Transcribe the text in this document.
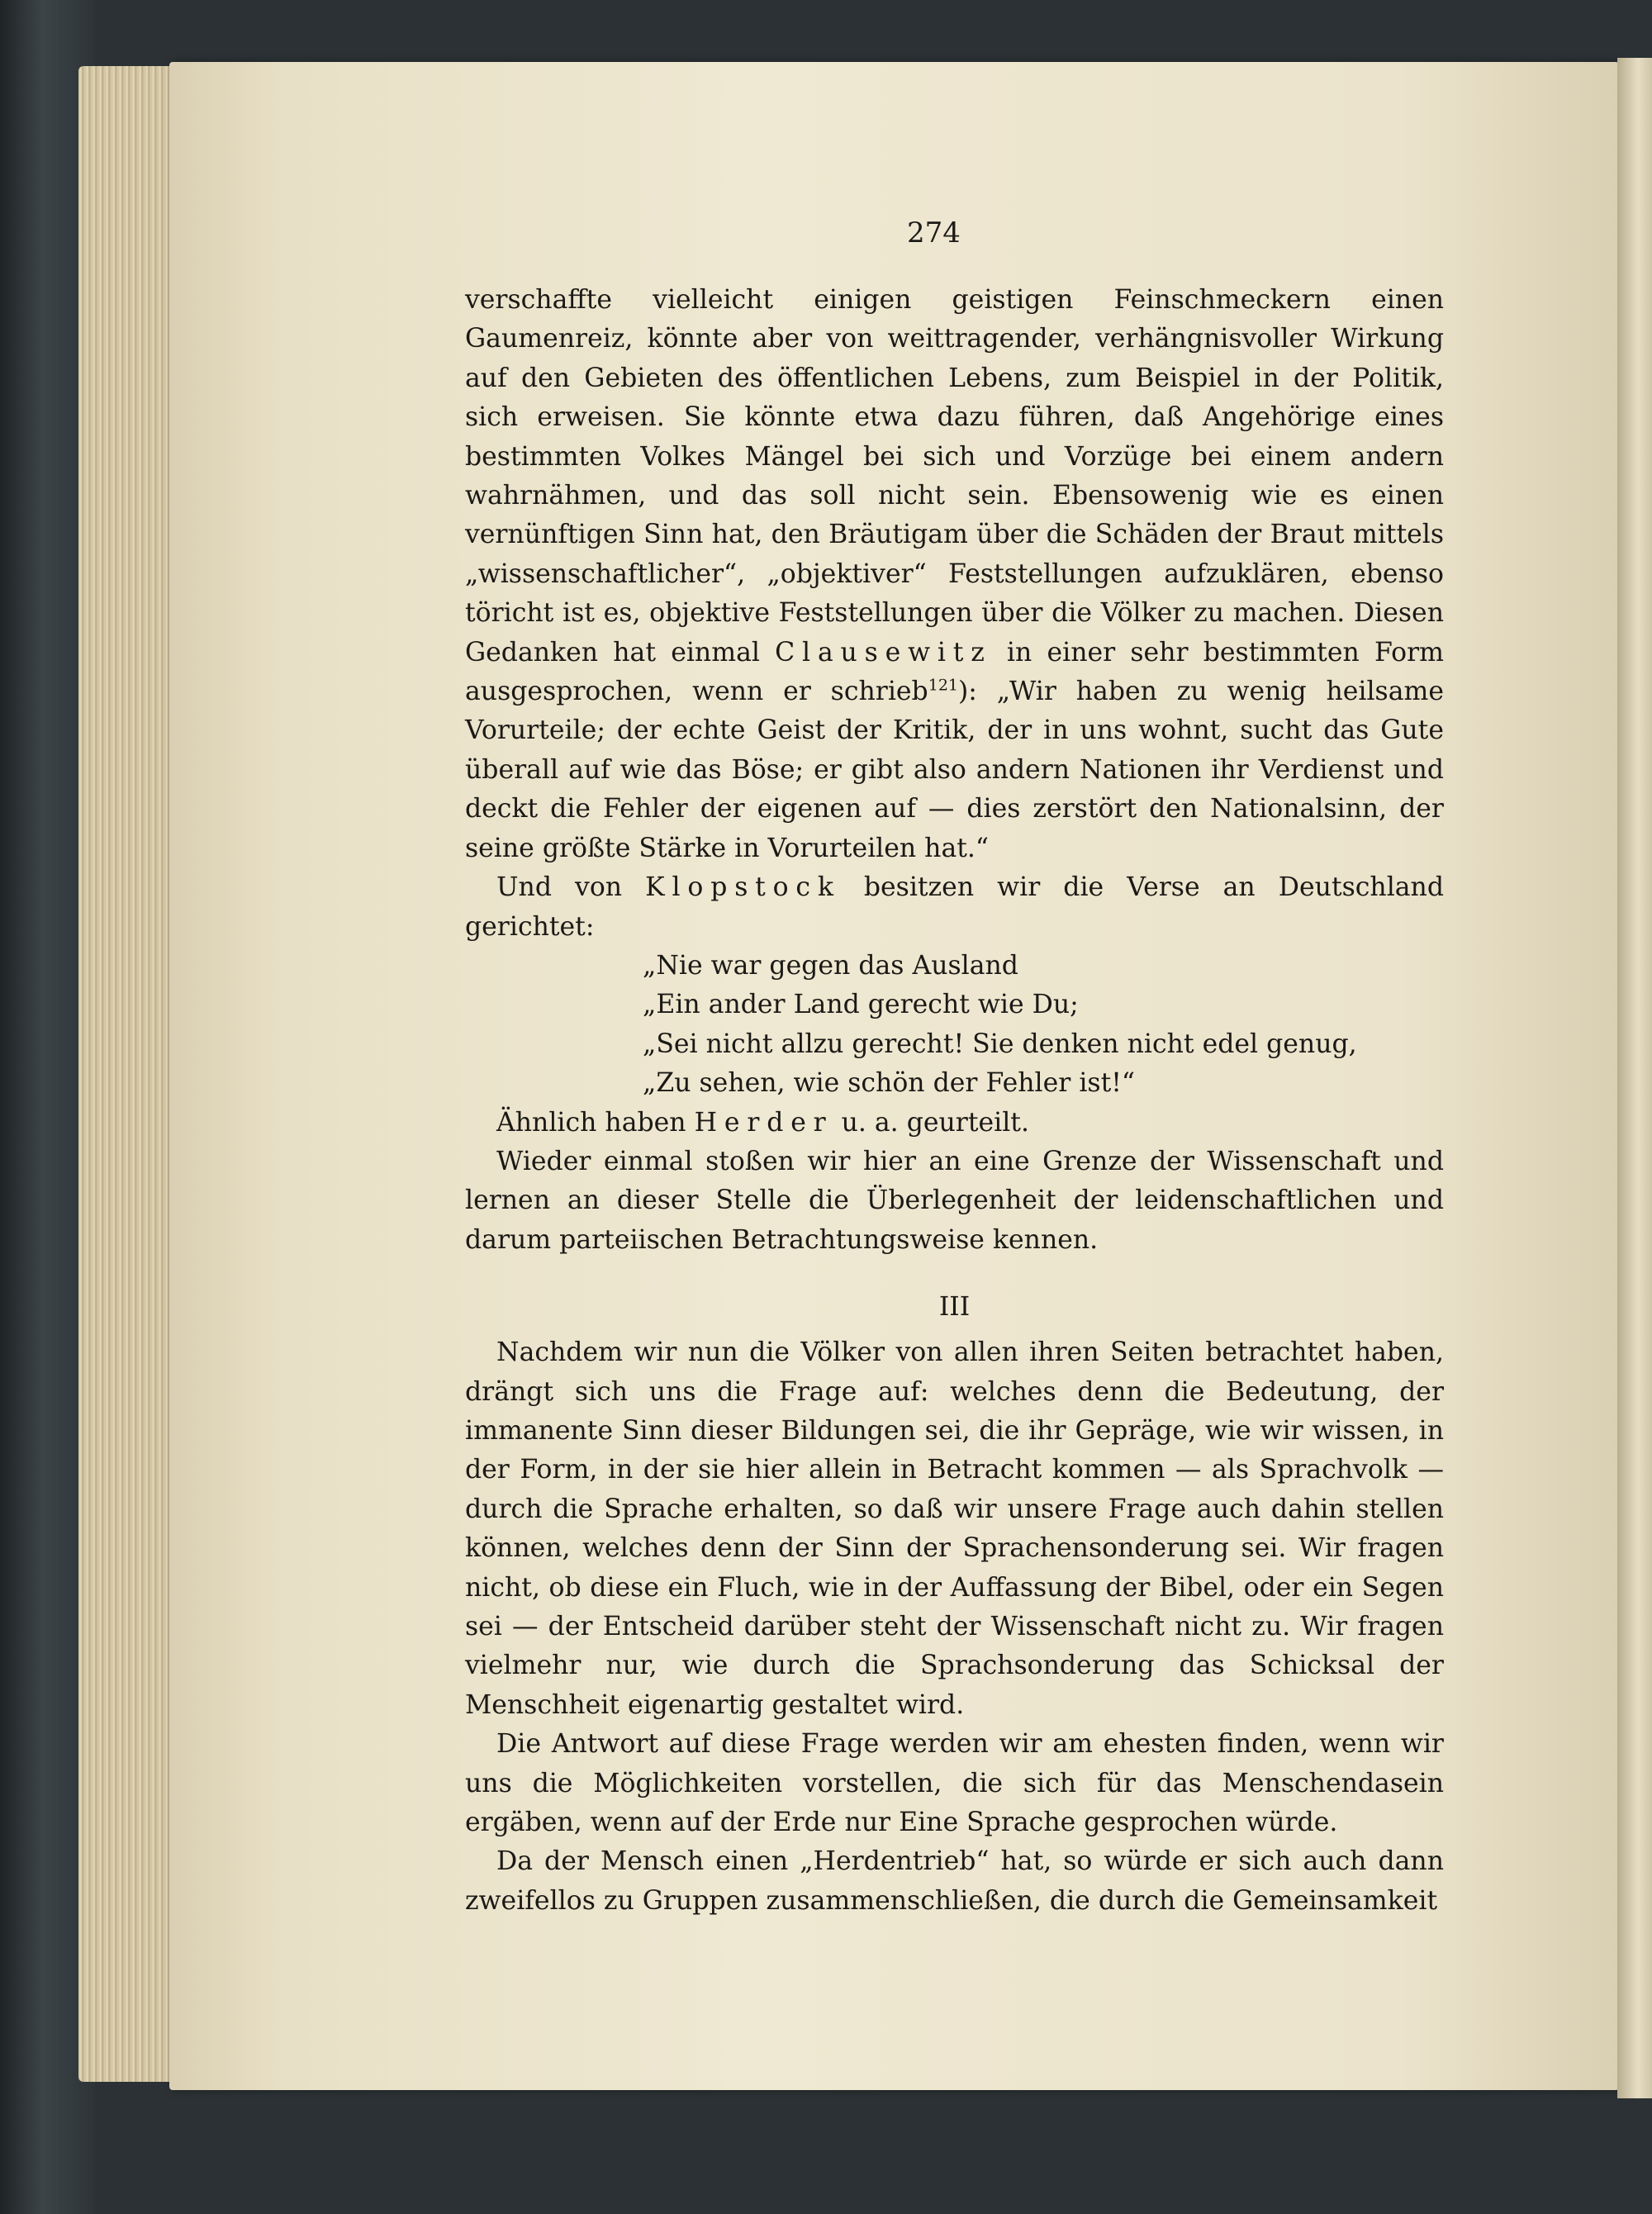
274

verschaffte vielleicht einigen geistigen Feinschmeckern einen Gaumenreiz, könnte aber von weittragender, verhängnisvoller Wirkung auf den Gebieten des öffentlichen Lebens, zum Beispiel in der Politik, sich erweisen. Sie könnte etwa dazu führen, daß Angehörige eines bestimmten Volkes Mängel bei sich und Vorzüge bei einem andern wahrnähmen, und das soll nicht sein. Ebensowenig wie es einen vernünftigen Sinn hat, den Bräutigam über die Schäden der Braut mittels „wissenschaftlicher“, „objektiver“ Feststellungen aufzuklären, ebenso töricht ist es, objektive Feststellungen über die Völker zu machen. Diesen Gedanken hat einmal Clausewitz in einer sehr bestimmten Form ausgesprochen, wenn er schrieb$^{121}$): „Wir haben zu wenig heilsame Vorurteile; der echte Geist der Kritik, der in uns wohnt, sucht das Gute überall auf wie das Böse; er gibt also andern Nationen ihr Verdienst und deckt die Fehler der eigenen auf — dies zerstört den Nationalsinn, der seine größte Stärke in Vorurteilen hat.“

Und von Klopstock besitzen wir die Verse an Deutschland gerichtet:

„Nie war gegen das Ausland
„Ein ander Land gerecht wie Du;
„Sei nicht allzu gerecht! Sie denken nicht edel genug,
„Zu sehen, wie schön der Fehler ist!“

Ähnlich haben Herder u. a. geurteilt.

Wieder einmal stoßen wir hier an eine Grenze der Wissenschaft und lernen an dieser Stelle die Überlegenheit der leidenschaftlichen und darum parteiischen Betrachtungsweise kennen.

III

Nachdem wir nun die Völker von allen ihren Seiten betrachtet haben, drängt sich uns die Frage auf: welches denn die Bedeutung, der immanente Sinn dieser Bildungen sei, die ihr Gepräge, wie wir wissen, in der Form, in der sie hier allein in Betracht kommen — als Sprachvolk — durch die Sprache erhalten, so daß wir unsere Frage auch dahin stellen können, welches denn der Sinn der Sprachensonderung sei. Wir fragen nicht, ob diese ein Fluch, wie in der Auffassung der Bibel, oder ein Segen sei — der Entscheid darüber steht der Wissenschaft nicht zu. Wir fragen vielmehr nur, wie durch die Sprachsonderung das Schicksal der Menschheit eigenartig gestaltet wird.

Die Antwort auf diese Frage werden wir am ehesten finden, wenn wir uns die Möglichkeiten vorstellen, die sich für das Menschendasein ergäben, wenn auf der Erde nur Eine Sprache gesprochen würde.

Da der Mensch einen „Herdentrieb“ hat, so würde er sich auch dann zweifellos zu Gruppen zusammenschließen, die durch die Gemeinsamkeit
